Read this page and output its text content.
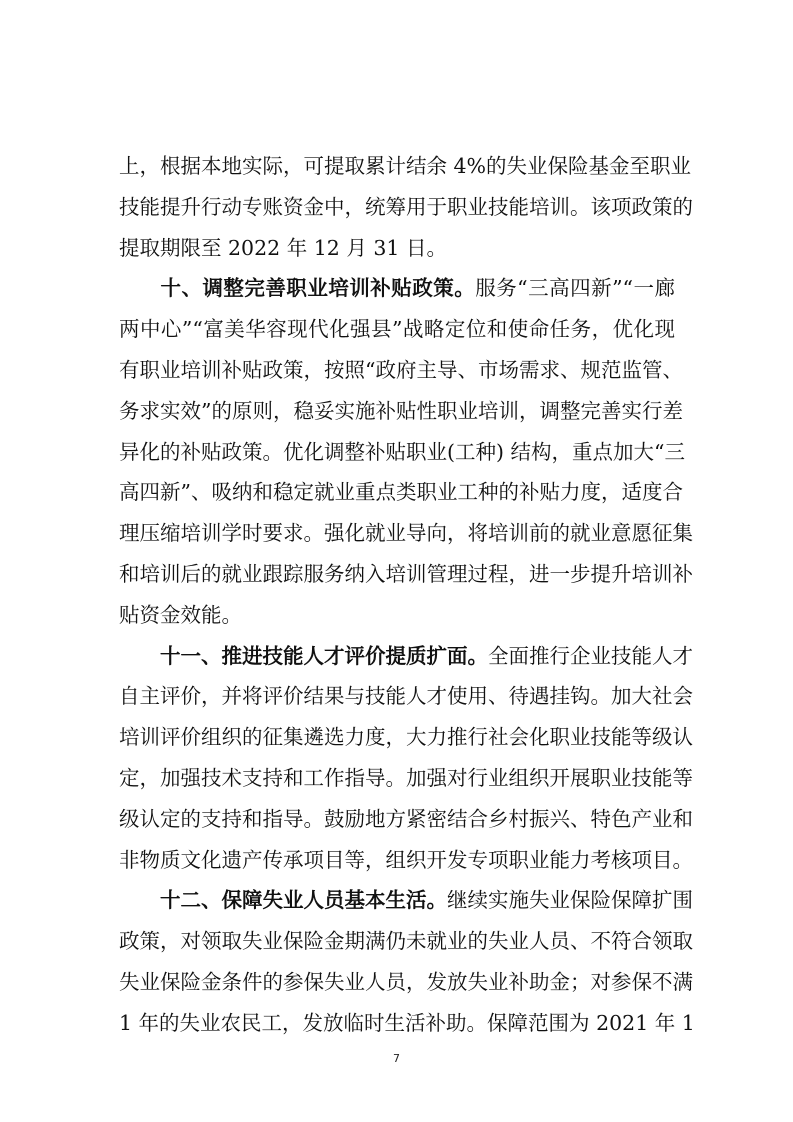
上，根据本地实际，可提取累计结余 4%的失业保险基金至职业
技能提升行动专账资金中，统筹用于职业技能培训。该项政策的
提取期限至 2022 年 12 月 31 日。
十、调整完善职业培训补贴政策。服务“三高四新”“一廊
两中心”“富美华容现代化强县”战略定位和使命任务，优化现
有职业培训补贴政策，按照“政府主导、市场需求、规范监管、
务求实效”的原则，稳妥实施补贴性职业培训，调整完善实行差
异化的补贴政策。优化调整补贴职业(工种) 结构，重点加大“三
高四新”、吸纳和稳定就业重点类职业工种的补贴力度，适度合
理压缩培训学时要求。强化就业导向，将培训前的就业意愿征集
和培训后的就业跟踪服务纳入培训管理过程，进一步提升培训补
贴资金效能。
十一、推进技能人才评价提质扩面。全面推行企业技能人才
自主评价，并将评价结果与技能人才使用、待遇挂钩。加大社会
培训评价组织的征集遴选力度，大力推行社会化职业技能等级认
定，加强技术支持和工作指导。加强对行业组织开展职业技能等
级认定的支持和指导。鼓励地方紧密结合乡村振兴、特色产业和
非物质文化遗产传承项目等，组织开发专项职业能力考核项目。
十二、保障失业人员基本生活。继续实施失业保险保障扩围
政策，对领取失业保险金期满仍未就业的失业人员、不符合领取
失业保险金条件的参保失业人员，发放失业补助金；对参保不满
1 年的失业农民工，发放临时生活补助。保障范围为 2021 年 1
7
